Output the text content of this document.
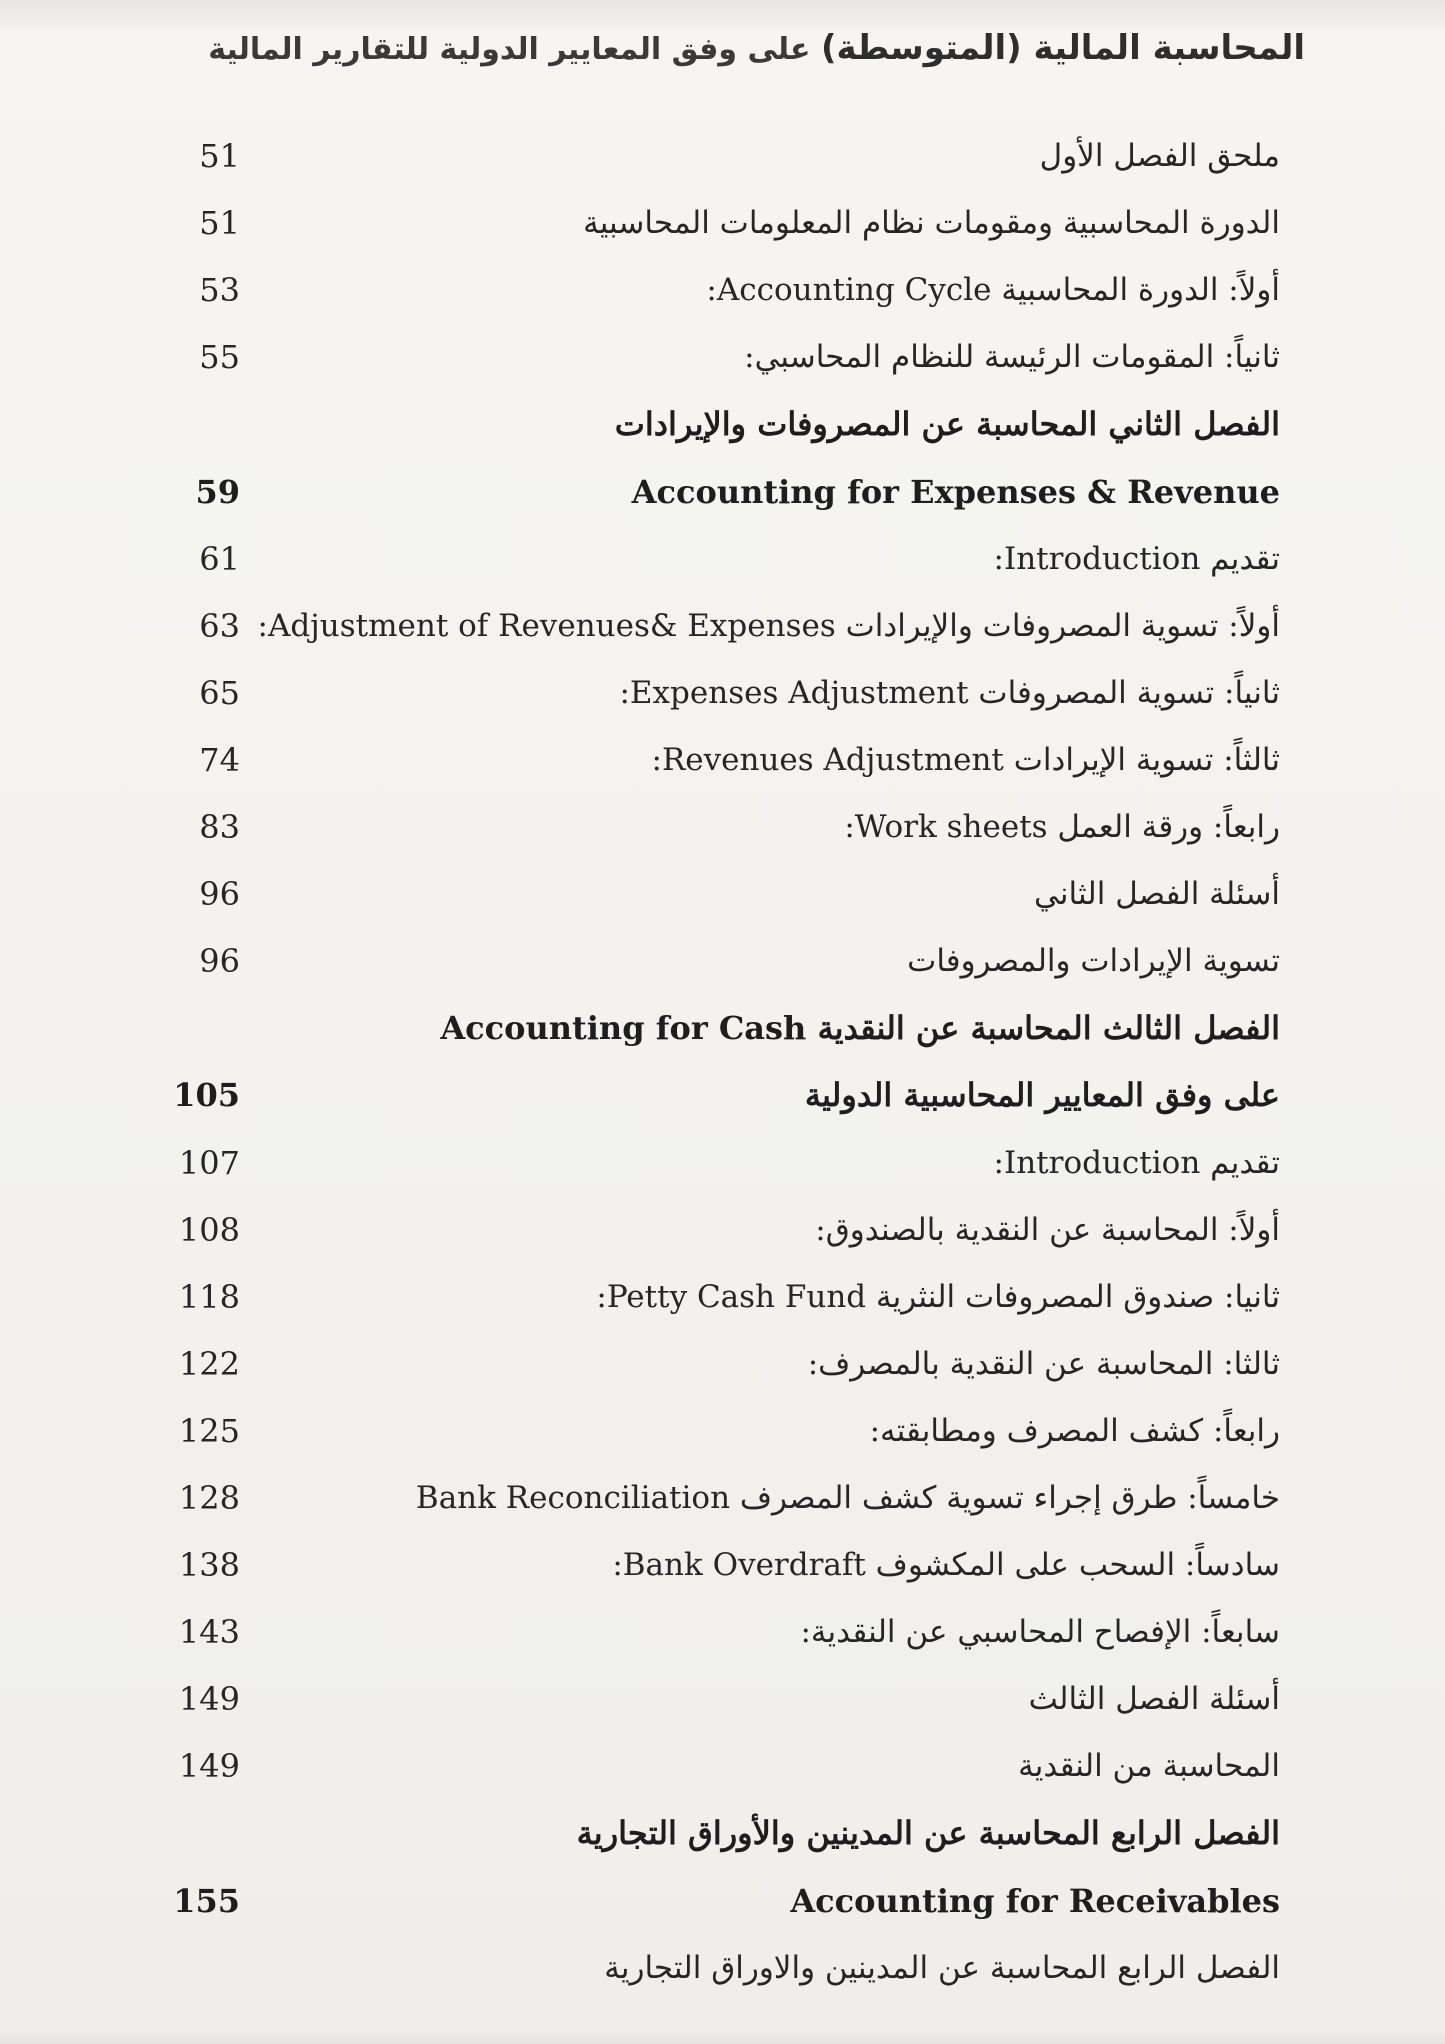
المحاسبة المالية (المتوسطة) على وفق المعايير الدولية للتقارير المالية
ملحق الفصل الأول
51
الدورة المحاسبية ومقومات نظام المعلومات المحاسبية
51
أولاً: الدورة المحاسبية Accounting Cycle:
53
ثانياً: المقومات الرئيسة للنظام المحاسبي:
55
الفصل الثاني المحاسبة عن المصروفات والإيرادات
Accounting for Expenses & Revenue
59
تقديم Introduction:
61
أولاً: تسوية المصروفات والإيرادات Adjustment of Revenues& Expenses:
63
ثانياً: تسوية المصروفات Expenses Adjustment:
65
ثالثاً: تسوية الإيرادات Revenues Adjustment:
74
رابعاً: ورقة العمل Work sheets:
83
أسئلة الفصل الثاني
96
تسوية الإيرادات والمصروفات
96
الفصل الثالث المحاسبة عن النقدية Accounting for Cash
على وفق المعايير المحاسبية الدولية
105
تقديم Introduction:
107
أولاً: المحاسبة عن النقدية بالصندوق:
108
ثانيا: صندوق المصروفات النثرية Petty Cash Fund:
118
ثالثا: المحاسبة عن النقدية بالمصرف:
122
رابعاً: كشف المصرف ومطابقته:
125
خامساً: طرق إجراء تسوية كشف المصرف Bank Reconciliation
128
سادساً: السحب على المكشوف Bank Overdraft:
138
سابعاً: الإفصاح المحاسبي عن النقدية:
143
أسئلة الفصل الثالث
149
المحاسبة من النقدية
149
الفصل الرابع المحاسبة عن المدينين والأوراق التجارية
Accounting for Receivables
155
الفصل الرابع المحاسبة عن المدينين والاوراق التجارية
